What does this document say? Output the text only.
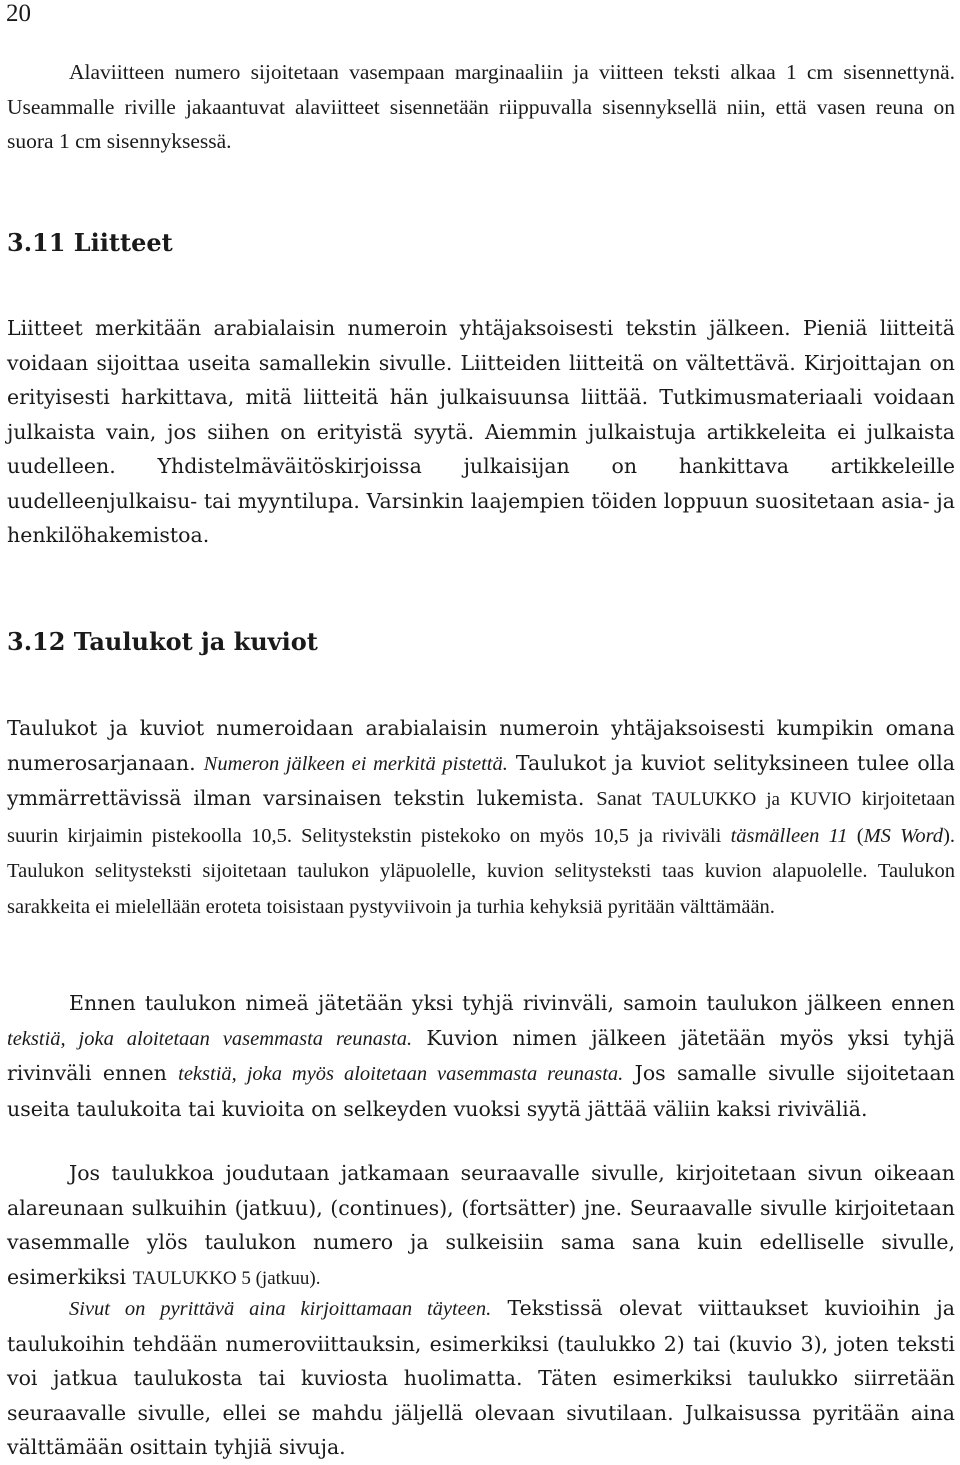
20

Alaviitteen numero sijoitetaan vasempaan marginaaliin ja viitteen teksti alkaa 1 cm sisennettynä. Useammalle riville jakaantuvat alaviitteet sisennetään riippuvalla sisennyksellä niin, että vasen reuna on suora 1 cm sisennyksessä.

3.11 Liitteet

Liitteet merkitään arabialaisin numeroin yhtäjaksoisesti tekstin jälkeen. Pieniä liitteitä voidaan sijoittaa useita samallekin sivulle. Liitteiden liitteitä on vältettävä. Kirjoittajan on erityisesti harkittava, mitä liitteitä hän julkaisuunsa liittää. Tutkimusmateriaali voidaan julkaista vain, jos siihen on erityistä syytä. Aiemmin julkaistuja artikkeleita ei julkaista uudelleen. Yhdistelmäväitöskirjoissa julkaisijan on hankittava artikkeleille uudelleenjulkaisu- tai myyntilupa. Varsinkin laajempien töiden loppuun suositetaan asia- ja henkilöhakemistoa.

3.12 Taulukot ja kuviot

Taulukot ja kuviot numeroidaan arabialaisin numeroin yhtäjaksoisesti kumpikin omana numerosarjanaan. Numeron jälkeen ei merkitä pistettä. Taulukot ja kuviot selityksineen tulee olla ymmärrettävissä ilman varsinaisen tekstin lukemista. Sanat TAULUKKO ja KUVIO kirjoitetaan suurin kirjaimin pistekoolla 10,5. Selitystekstin pistekoko on myös 10,5 ja riviväli täsmälleen 11 (MS Word). Taulukon selitysteksti sijoitetaan taulukon yläpuolelle, kuvion selitysteksti taas kuvion alapuolelle. Taulukon sarakkeita ei mielellään eroteta toisistaan pystyviivoin ja turhia kehyksiä pyritään välttämään.

Ennen taulukon nimeä jätetään yksi tyhjä rivinväli, samoin taulukon jälkeen ennen tekstiä, joka aloitetaan vasemmasta reunasta. Kuvion nimen jälkeen jätetään myös yksi tyhjä rivinväli ennen tekstiä, joka myös aloitetaan vasemmasta reunasta. Jos samalle sivulle sijoitetaan useita taulukoita tai kuvioita on selkeyden vuoksi syytä jättää väliin kaksi riviväliä.

Jos taulukkoa joudutaan jatkamaan seuraavalle sivulle, kirjoitetaan sivun oikeaan alareunaan sulkuihin (jatkuu), (continues), (fortsätter) jne. Seuraavalle sivulle kirjoitetaan vasemmalle ylös taulukon numero ja sulkeisiin sama sana kuin edelliselle sivulle, esimerkiksi TAULUKKO 5 (jatkuu).

Sivut on pyrittävä aina kirjoittamaan täyteen. Tekstissä olevat viittaukset kuvioihin ja taulukoihin tehdään numeroviittauksin, esimerkiksi (taulukko 2) tai (kuvio 3), joten teksti voi jatkua taulukosta tai kuviosta huolimatta. Täten esimerkiksi taulukko siirretään seuraavalle sivulle, ellei se mahdu jäljellä olevaan sivutilaan. Julkaisussa pyritään aina välttämään osittain tyhjiä sivuja.
